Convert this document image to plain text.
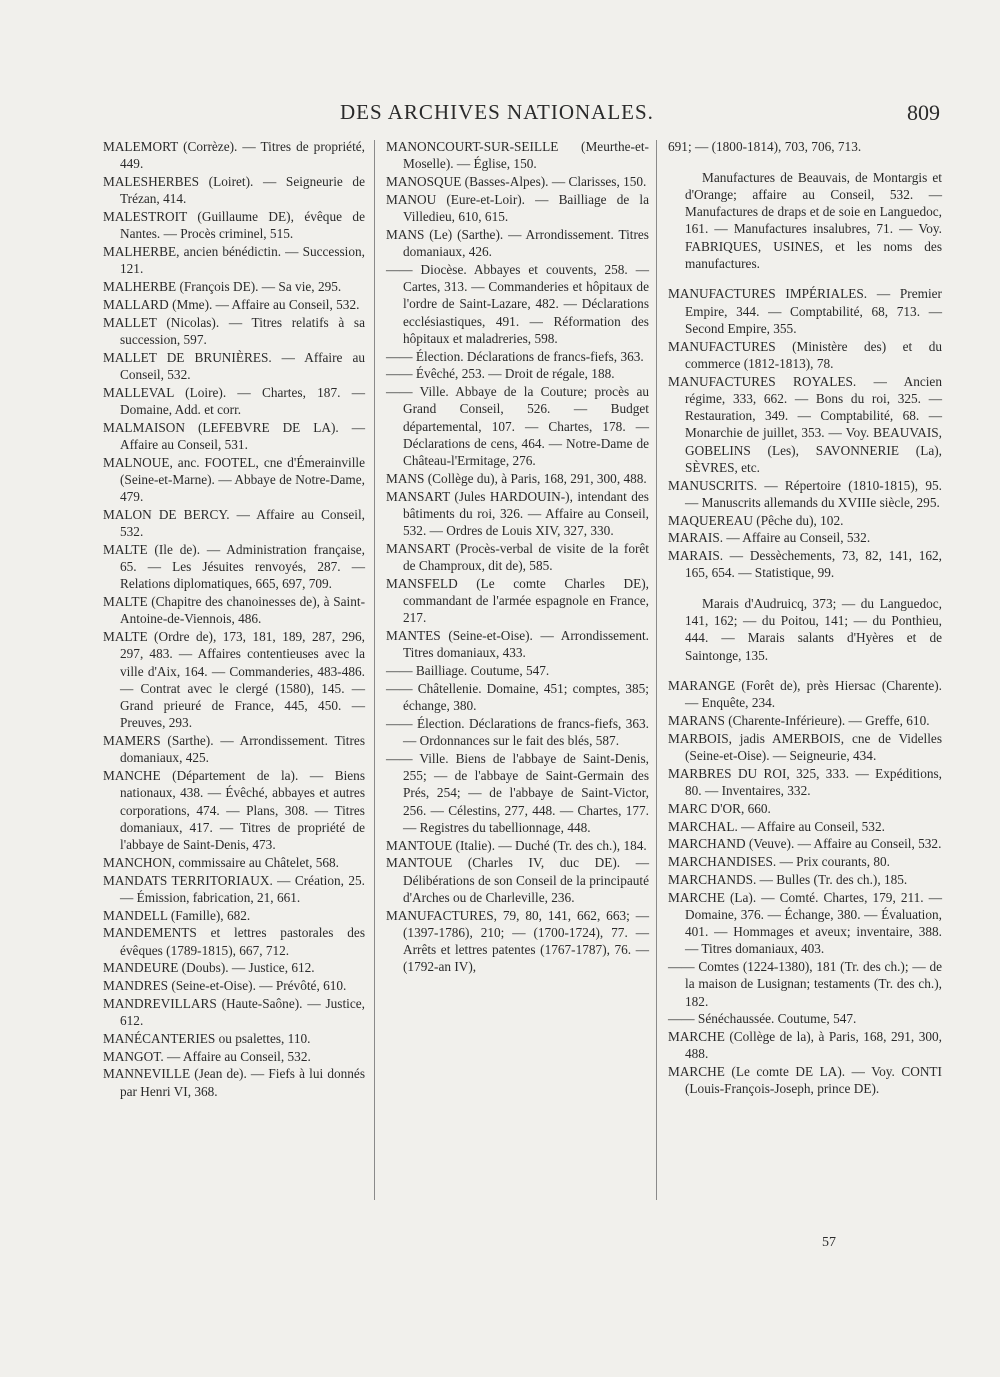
DES ARCHIVES NATIONALES.	809

MALEMORT (Corrèze). — Titres de propriété, 449.

MALESHERBES (Loiret). — Seigneurie de Trézan, 414.

MALESTROIT (Guillaume DE), évêque de Nantes. — Procès criminel, 515.

MALHERBE, ancien bénédictin. — Succession, 121.

MALHERBE (François DE). — Sa vie, 295.

MALLARD (Mme). — Affaire au Conseil, 532.

MALLET (Nicolas). — Titres relatifs à sa succession, 597.

MALLET DE BRUNIÈRES. — Affaire au Conseil, 532.

MALLEVAL (Loire). — Chartes, 187. — Domaine, Add. et corr.

MALMAISON (LEFEBVRE DE LA). — Affaire au Conseil, 531.

MALNOUE, anc. FOOTEL, cne d'Émerainville (Seine-et-Marne). — Abbaye de Notre-Dame, 479.

MALON DE BERCY. — Affaire au Conseil, 532.

MALTE (Ile de). — Administration française, 65. — Les Jésuites renvoyés, 287. — Relations diplomatiques, 665, 697, 709.

MALTE (Chapitre des chanoinesses de), à Saint-Antoine-de-Viennois, 486.

MALTE (Ordre de), 173, 181, 189, 287, 296, 297, 483. — Affaires contentieuses avec la ville d'Aix, 164. — Commanderies, 483-486. — Contrat avec le clergé (1580), 145. — Grand prieuré de France, 445, 450. — Preuves, 293.

MAMERS (Sarthe). — Arrondissement. Titres domaniaux, 425.

MANCHE (Département de la). — Biens nationaux, 438. — Évêché, abbayes et autres corporations, 474. — Plans, 308. — Titres domaniaux, 417. — Titres de propriété de l'abbaye de Saint-Denis, 473.

MANCHON, commissaire au Châtelet, 568.

MANDATS TERRITORIAUX. — Création, 25. — Émission, fabrication, 21, 661.

MANDELL (Famille), 682.

MANDEMENTS et lettres pastorales des évêques (1789-1815), 667, 712.

MANDEURE (Doubs). — Justice, 612.

MANDRES (Seine-et-Oise). — Prévôté, 610.

MANDREVILLARS (Haute-Saône). — Justice, 612.

MANÉCANTERIES ou psalettes, 110.

MANGOT. — Affaire au Conseil, 532.

MANNEVILLE (Jean de). — Fiefs à lui donnés par Henri VI, 368.

MANONCOURT-SUR-SEILLE (Meurthe-et-Moselle). — Église, 150.

MANOSQUE (Basses-Alpes). — Clarisses, 150.

MANOU (Eure-et-Loir). — Bailliage de la Villedieu, 610, 615.

MANS (Le) (Sarthe). — Arrondissement. Titres domaniaux, 426.

—— Diocèse. Abbayes et couvents, 258. — Cartes, 313. — Commanderies et hôpitaux de l'ordre de Saint-Lazare, 482. — Déclarations ecclésiastiques, 491. — Réformation des hôpitaux et maladreries, 598.

—— Élection. Déclarations de francs-fiefs, 363.

—— Évêché, 253. — Droit de régale, 188.

—— Ville. Abbaye de la Couture; procès au Grand Conseil, 526. — Budget départemental, 107. — Chartes, 178. — Déclarations de cens, 464. — Notre-Dame de Château-l'Ermitage, 276.

MANS (Collège du), à Paris, 168, 291, 300, 488.

MANSART (Jules HARDOUIN-), intendant des bâtiments du roi, 326. — Affaire au Conseil, 532. — Ordres de Louis XIV, 327, 330.

MANSART (Procès-verbal de visite de la forêt de Champroux, dit de), 585.

MANSFELD (Le comte Charles DE), commandant de l'armée espagnole en France, 217.

MANTES (Seine-et-Oise). — Arrondissement. Titres domaniaux, 433.

—— Bailliage. Coutume, 547.

—— Châtellenie. Domaine, 451; comptes, 385; échange, 380.

—— Élection. Déclarations de francs-fiefs, 363. — Ordonnances sur le fait des blés, 587.

—— Ville. Biens de l'abbaye de Saint-Denis, 255; — de l'abbaye de Saint-Germain des Prés, 254; — de l'abbaye de Saint-Victor, 256. — Célestins, 277, 448. — Chartes, 177. — Registres du tabellionnage, 448.

MANTOUE (Italie). — Duché (Tr. des ch.), 184.

MANTOUE (Charles IV, duc DE). — Délibérations de son Conseil de la principauté d'Arches ou de Charleville, 236.

MANUFACTURES, 79, 80, 141, 662, 663; — (1397-1786), 210; — (1700-1724), 77. — Arrêts et lettres patentes (1767-1787), 76. — (1792-an IV),

691; — (1800-1814), 703, 706, 713.

Manufactures de Beauvais, de Montargis et d'Orange; affaire au Conseil, 532. — Manufactures de draps et de soie en Languedoc, 161. — Manufactures insalubres, 71. — Voy. FABRIQUES, USINES, et les noms des manufactures.

MANUFACTURES IMPÉRIALES. — Premier Empire, 344. — Comptabilité, 68, 713. — Second Empire, 355.

MANUFACTURES (Ministère des) et du commerce (1812-1813), 78.

MANUFACTURES ROYALES. — Ancien régime, 333, 662. — Bons du roi, 325. — Restauration, 349. — Comptabilité, 68. — Monarchie de juillet, 353. — Voy. BEAUVAIS, GOBELINS (Les), SAVONNERIE (La), SÈVRES, etc.

MANUSCRITS. — Répertoire (1810-1815), 95. — Manuscrits allemands du XVIIIe siècle, 295.

MAQUEREAU (Pêche du), 102.

MARAIS. — Affaire au Conseil, 532.

MARAIS. — Dessèchements, 73, 82, 141, 162, 165, 654. — Statistique, 99.

Marais d'Audruicq, 373; — du Languedoc, 141, 162; — du Poitou, 141; — du Ponthieu, 444. — Marais salants d'Hyères et de Saintonge, 135.

MARANGE (Forêt de), près Hiersac (Charente). — Enquête, 234.

MARANS (Charente-Inférieure). — Greffe, 610.

MARBOIS, jadis AMERBOIS, cne de Videlles (Seine-et-Oise). — Seigneurie, 434.

MARBRES DU ROI, 325, 333. — Expéditions, 80. — Inventaires, 332.

MARC D'OR, 660.

MARCHAL. — Affaire au Conseil, 532.

MARCHAND (Veuve). — Affaire au Conseil, 532.

MARCHANDISES. — Prix courants, 80.

MARCHANDS. — Bulles (Tr. des ch.), 185.

MARCHE (La). — Comté. Chartes, 179, 211. — Domaine, 376. — Échange, 380. — Évaluation, 401. — Hommages et aveux; inventaire, 388. — Titres domaniaux, 403.

—— Comtes (1224-1380), 181 (Tr. des ch.); — de la maison de Lusignan; testaments (Tr. des ch.), 182.

—— Sénéchaussée. Coutume, 547.

MARCHE (Collège de la), à Paris, 168, 291, 300, 488.

MARCHE (Le comte DE LA). — Voy. CONTI (Louis-François-Joseph, prince DE).

57
